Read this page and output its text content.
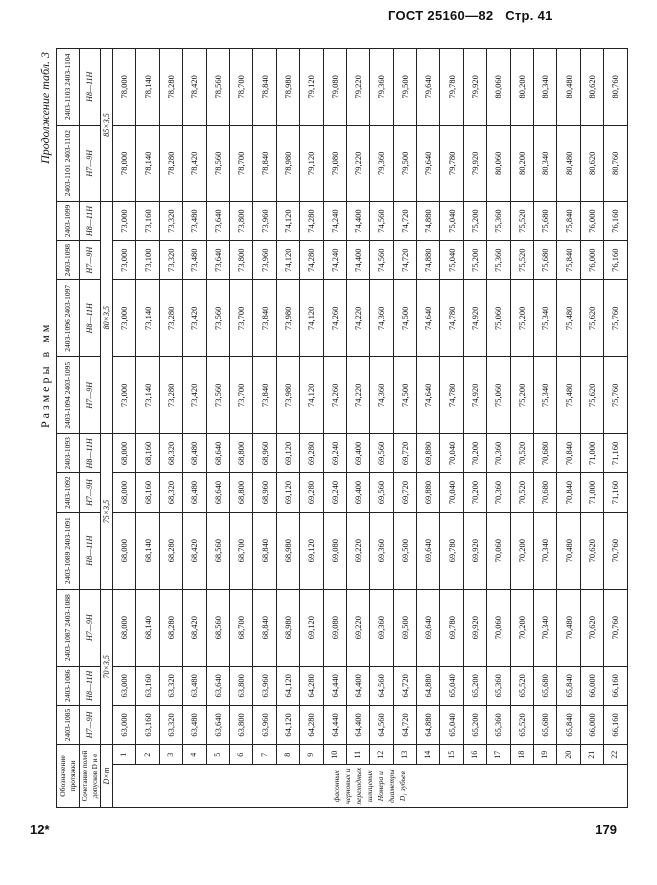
ГОСТ 25160—82 Стр. 41
Размеры в мм
Продолжение табл. 3
Обозначение протяжки		2403-1085	2403-1086	2403-1087 2403-1088	2403-1089 2403-1091	2403-1092	2403-1093	2403-1094 2403-1095	2403-1096 2403-1097	2403-1098	2403-1099	2403-1101 2403-1102	2403-1103 2403-1104
Сочетание полей допусков D и е		H7—9H	H8—11H	H7—9H	H8—11H	H7—9H	H8—11H	H7—9H	H8—11H	H7—9H	H8—11H	H7—9H	H8—11H
D×m		70×3,5			75×3,5			80×3,5				85×3,5	

фасонных черновых и переходных шлицевых Номера и диаметры D₁ зубьев	1	63,000	63,000	68,000	68,000	68,000	68,000	73,000	73,000	73,000	73,000	78,000	78,000
	2	63,160	63,160	68,140	68,140	68,160	68,160	73,140	73,140	73,100	73,160	78,140	78,140
	3	63,320	63,320	68,280	68,280	68,320	68,320	73,280	73,280	73,320	73,320	78,280	78,280
	4	63,480	63,480	68,420	68,420	68,480	68,480	73,420	73,420	73,480	73,480	78,420	78,420
	5	63,640	63,640	68,560	68,560	68,640	68,640	73,560	73,560	73,640	73,640	78,560	78,560
	6	63,800	63,800	68,700	68,700	68,800	68,800	73,700	73,700	73,800	73,800	78,700	78,700
	7	63,960	63,960	68,840	68,840	68,960	68,960	73,840	73,840	73,960	73,960	78,840	78,840
	8	64,120	64,120	68,980	68,980	69,120	69,120	73,980	73,980	74,120	74,120	78,980	78,980
	9	64,280	64,280	69,120	69,120	69,280	69,280	74,120	74,120	74,280	74,280	79,120	79,120
	10	64,440	64,440	69,080	69,080	69,240	69,240	74,260	74,260	74,240	74,240	79,080	79,080
	11	64,400	64,400	69,220	69,220	69,400	69,400	74,220	74,220	74,400	74,400	79,220	79,220
	12	64,560	64,560	69,360	69,360	69,560	69,560	74,360	74,360	74,560	74,560	79,360	79,360
	13	64,720	64,720	69,500	69,500	69,720	69,720	74,500	74,500	74,720	74,720	79,500	79,500
	14	64,880	64,880	69,640	69,640	69,880	69,880	74,640	74,640	74,880	74,880	79,640	79,640
	15	65,040	65,040	69,780	69,780	70,040	70,040	74,780	74,780	75,040	75,040	79,780	79,780
	16	65,200	65,200	69,920	69,920	70,200	70,200	74,920	74,920	75,200	75,200	79,920	79,920
	17	65,360	65,360	70,060	70,060	70,360	70,360	75,060	75,060	75,360	75,360	80,060	80,060
	18	65,520	65,520	70,200	70,200	70,520	70,520	75,200	75,200	75,520	75,520	80,200	80,200
	19	65,680	65,680	70,340	70,340	70,680	70,680	75,340	75,340	75,680	75,680	80,340	80,340
	20	65,840	65,840	70,480	70,480	70,840	70,840	75,480	75,480	75,840	75,840	80,480	80,480
	21	66,000	66,000	70,620	70,620	71,000	71,000	75,620	75,620	76,000	76,000	80,620	80,620
	22	66,160	66,160	70,760	70,760	71,160	71,160	75,760	75,760	76,160	76,160	80,760	80,760
12*	179
